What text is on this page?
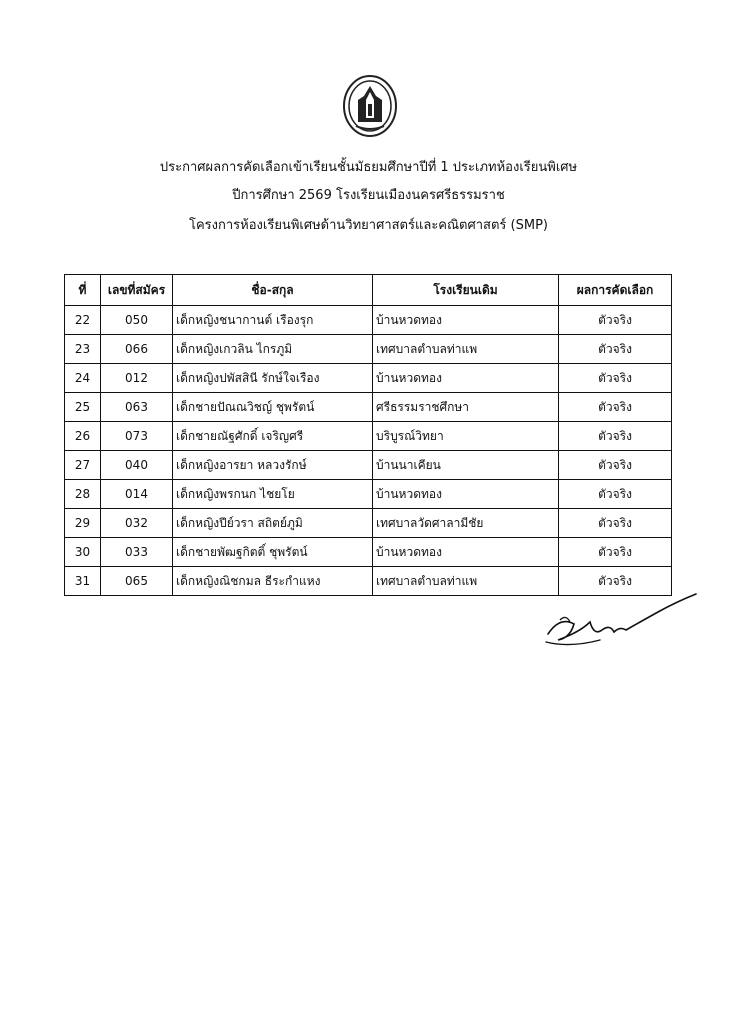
ประกาศผลการคัดเลือกเข้าเรียนชั้นมัธยมศึกษาปีที่ 1 ประเภทห้องเรียนพิเศษ
ปีการศึกษา 2569 โรงเรียนเมืองนครศรีธรรมราช
โครงการห้องเรียนพิเศษด้านวิทยาศาสตร์และคณิตศาสตร์ (SMP)
ที่	เลขที่สมัคร	ชื่อ-สกุล	โรงเรียนเดิม	ผลการคัดเลือก
22	050	เด็กหญิงชนากานต์ เรืองรุก	บ้านหวดทอง	ตัวจริง
23	066	เด็กหญิงเกวลิน ไกรภูมิ	เทศบาลตำบลท่าแพ	ตัวจริง
24	012	เด็กหญิงปพัสสินี รักษ์ใจเรือง	บ้านหวดทอง	ตัวจริง
25	063	เด็กชายปัณณวิชญ์ ชุพรัตน์	ศรีธรรมราชศึกษา	ตัวจริง
26	073	เด็กชายณัฐศักดิ์ เจริญศรี	บริบูรณ์วิทยา	ตัวจริง
27	040	เด็กหญิงอารยา หลวงรักษ์	บ้านนาเคียน	ตัวจริง
28	014	เด็กหญิงพรกนก ไชยโย	บ้านหวดทอง	ตัวจริง
29	032	เด็กหญิงปีย์วรา สถิตย์ภูมิ	เทศบาลวัดศาลามีชัย	ตัวจริง
30	033	เด็กชายพัฒฐกิตติ์ ชุพรัตน์	บ้านหวดทอง	ตัวจริง
31	065	เด็กหญิงณิชกมล ธีระกำแหง	เทศบาลตำบลท่าแพ	ตัวจริง
